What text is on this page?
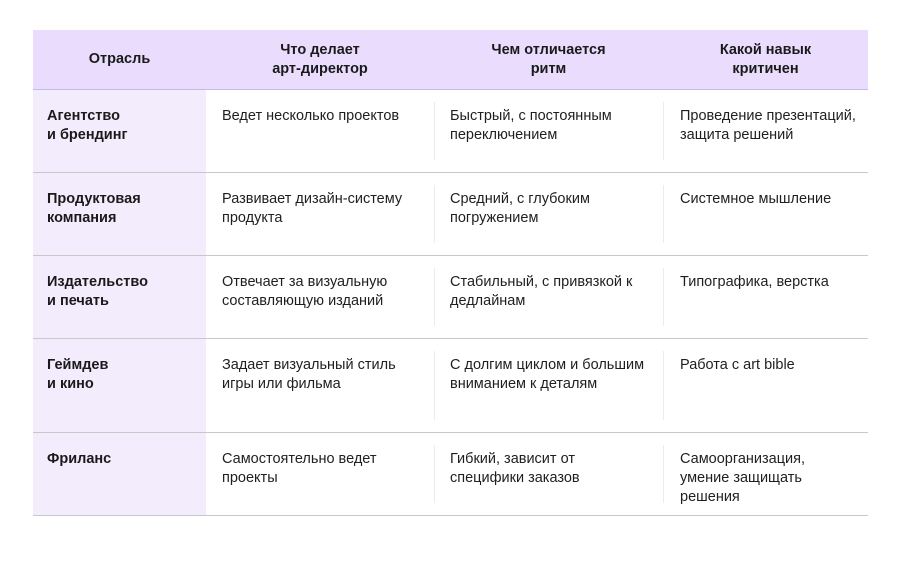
Отрасль
Что делает
арт-директор
Чем отличается
ритм
Какой навык
критичен
Агентство
и брендинг
Ведет несколько проектов	Быстрый, с постоянным переключением
Проведение презентаций, защита решений
Продуктовая
компания
Развивает дизайн-систему продукта
Средний, с глубоким погружением
Системное мышление
Издательство
и печать
Отвечает за визуальную составляющую изданий
Стабильный, с привязкой к дедлайнам
Типографика, верстка
Геймдев
и кино
Задает визуальный стиль игры или фильма
С долгим циклом и большим вниманием к деталям
Работа с art bible
Фриланс	Самостоятельно ведет проекты
Гибкий, зависит от специфики заказов
Самоорганизация, умение защищать решения
